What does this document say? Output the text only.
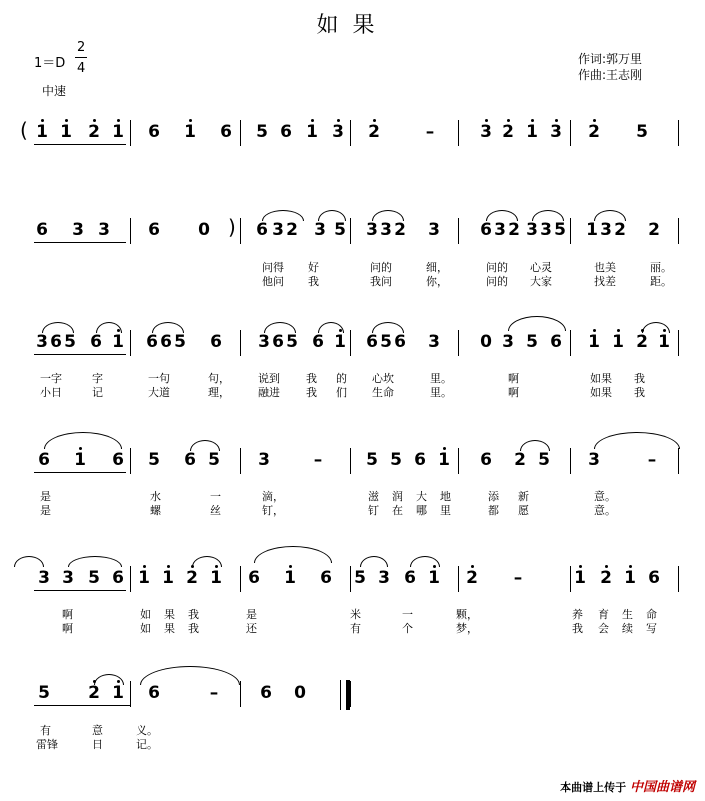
如果
1＝D
2
4
中速
作词:郭万里
作曲:王志刚
1 1 2 1 6 1 6 5 6 1 3 2	–	3 2 1 3 2 5
6 3 3 6 0	6 3 2 3 5 3 3 2 3 6 3 2 3 3 5 1 3 2 2
3 6 5 6 1 6 6 5 6 3 6 5 6 1 6 5 6 3 0 3 5 6 1 1 2 1
6 1 6 5 6 5 3	–	5 5 6 1 6 2 5 3	–
3 3 5 6 1 1 2 1 6 1 6 5 3 6 1 2 –	1 2 1 6
5 2 1 6	– 6 0
(
)
问得 好	问的	细，	问的 心灵	也美	丽。
他问 我	我问	你，	问的 大家	找差	距。
一字	字	一句	句，	说到 我 的 心坎	里。	啊	如果 我
小日	记	大道	理，	融进 我 们 生命	里。	啊	如果 我
是	水	一	滴，	滋 润 大 地	添 新	意。
是	螺	丝	钉，	钉 在 哪 里	都 愿	意。
啊	如 果 我	是	米	一	颗，	养 育 生 命
啊	如 果 我	还	有	个	梦，	我 会 续 写
有	意	义。
雷锋	日	记。
本曲谱上传于 中国曲谱网
